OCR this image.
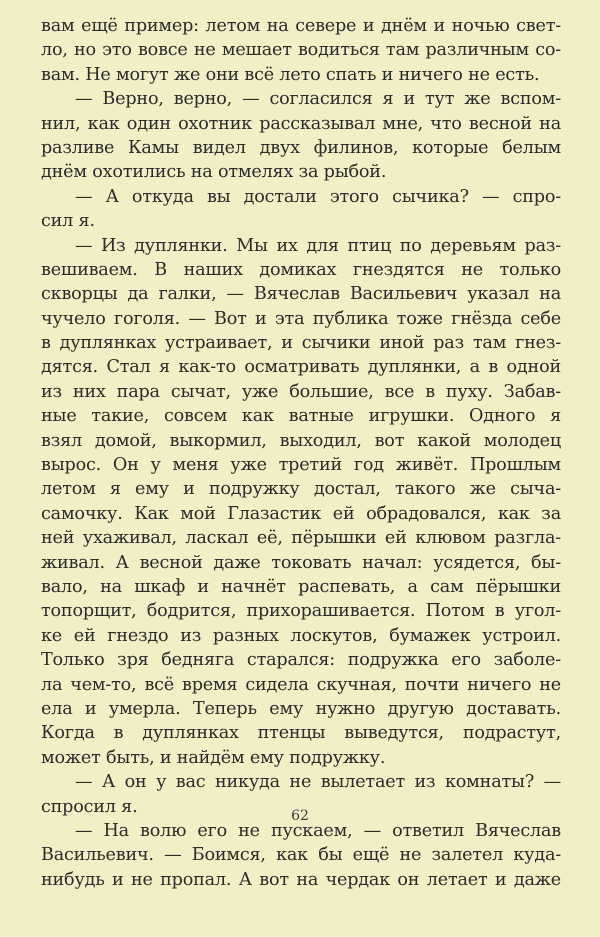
вам ещё пример: летом на севере и днём и ночью свет-
ло, но это вовсе не мешает водиться там различным со-
вам. Не могут же они всё лето спать и ничего не есть.
— Верно, верно, — согласился я и тут же вспом-
нил, как один охотник рассказывал мне, что весной на
разливе Камы видел двух филинов, которые белым
днём охотились на отмелях за рыбой.
— А откуда вы достали этого сычика? — спро-
сил я.
— Из дуплянки. Мы их для птиц по деревьям раз-
вешиваем. В наших домиках гнездятся не только
скворцы да галки, — Вячеслав Васильевич указал на
чучело гоголя. — Вот и эта публика тоже гнёзда себе
в дуплянках устраивает, и сычики иной раз там гнез-
дятся. Стал я как-то осматривать дуплянки, а в одной
из них пара сычат, уже большие, все в пуху. Забав-
ные такие, совсем как ватные игрушки. Одного я
взял домой, выкормил, выходил, вот какой молодец
вырос. Он у меня уже третий год живёт. Прошлым
летом я ему и подружку достал, такого же сыча-
самочку. Как мой Глазастик ей обрадовался, как за
ней ухаживал, ласкал её, пёрышки ей клювом разгла-
живал. А весной даже токовать начал: усядется, бы-
вало, на шкаф и начнёт распевать, а сам пёрышки
топорщит, бодрится, прихорашивается. Потом в угол-
ке ей гнездо из разных лоскутов, бумажек устроил.
Только зря бедняга старался: подружка его заболе-
ла чем-то, всё время сидела скучная, почти ничего не
ела и умерла. Теперь ему нужно другую доставать.
Когда в дуплянках птенцы выведутся, подрастут,
может быть, и найдём ему подружку.
— А он у вас никуда не вылетает из комнаты? —
спросил я.
— На волю его не пускаем, — ответил Вячеслав
Васильевич. — Боимся, как бы ещё не залетел куда-
нибудь и не пропал. А вот на чердак он летает и даже
62
